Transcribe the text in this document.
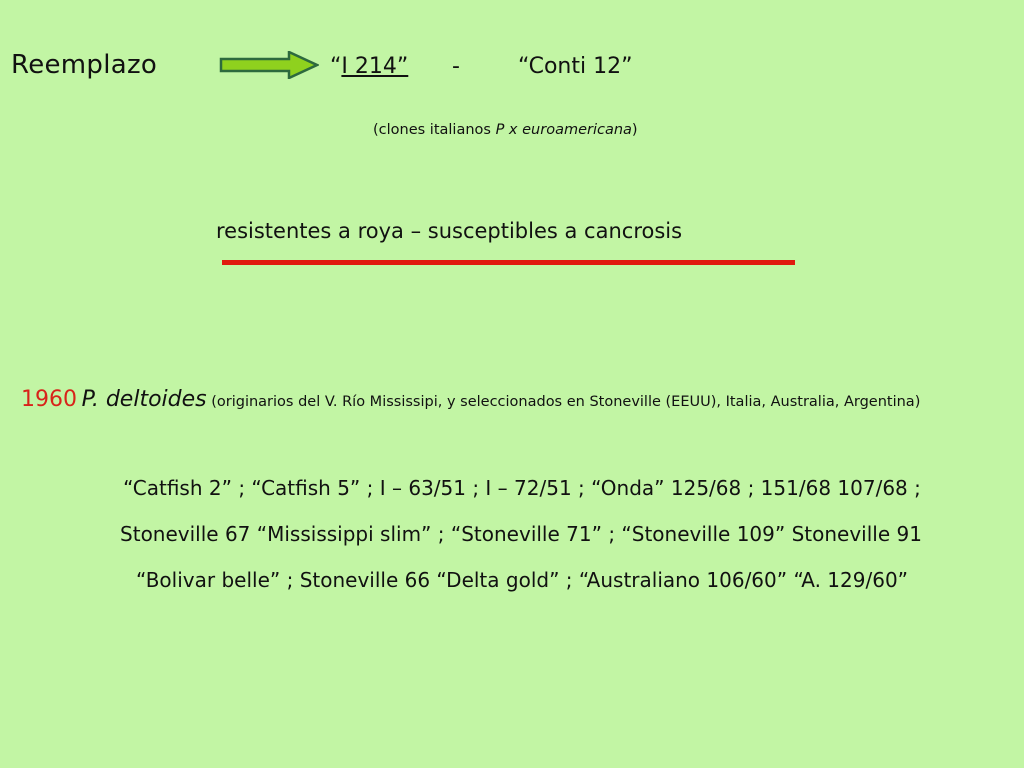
Reemplazo	“I 214” -	“Conti 12”
(clones italianos P x euroamericana)
resistentes a roya – susceptibles a cancrosis
1960 P. deltoides (originarios del V. Río Mississipi, y seleccionados en Stoneville (EEUU), Italia, Australia, Argentina)
“Catfish 2” ; “Catfish 5” ; I – 63/51 ; I – 72/51 ; “Onda” 125/68 ; 151/68 107/68 ;
Stoneville 67 “Mississippi slim” ; “Stoneville 71” ; “Stoneville 109” Stoneville 91
“Bolivar belle” ; Stoneville 66 “Delta gold” ; “Australiano 106/60” “A. 129/60”
